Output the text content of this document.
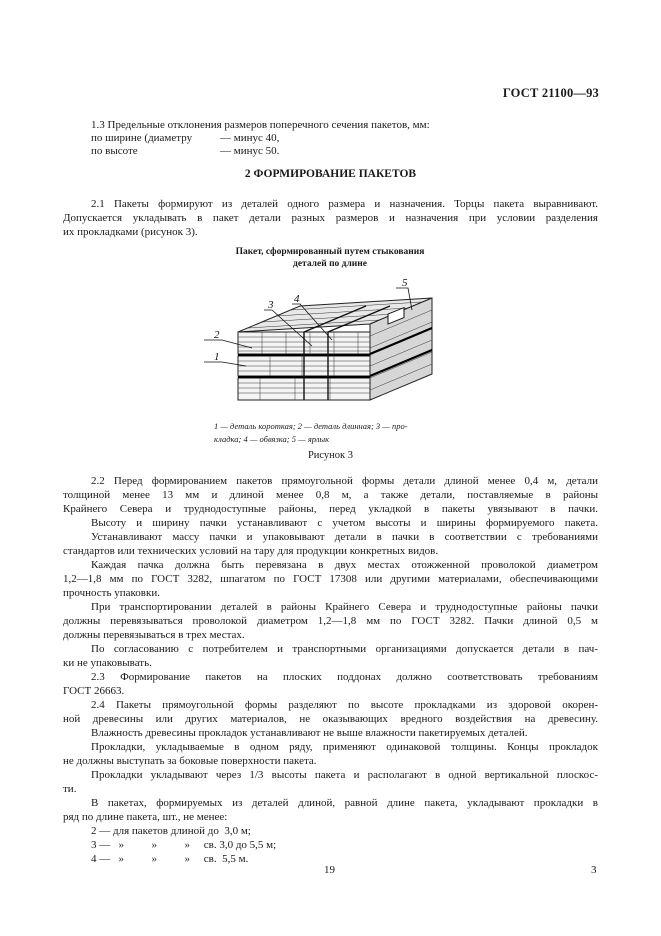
ГОСТ 21100—93
1.3 Предельные отклонения размеров поперечного сечения пакетов, мм:
по ширине (диаметру	— минус 40,
по высоте	— минус 50.
2 ФОРМИРОВАНИЕ ПАКЕТОВ
2.1 Пакеты формируют из деталей одного размера и назначения. Торцы пакета выравнивают.
Допускается укладывать в пакет детали разных размеров и назначения при условии разделения
их прокладками (рисунок 3).
Пакет, сформированный путем стыкования
деталей по длине
2
1
3 4
5
1 — деталь короткая; 2 — деталь длинная; 3 — про-
кладка; 4 — обвязка; 5 — ярлык
Рисунок 3
2.2 Перед формированием пакетов прямоугольной формы детали длиной менее 0,4 м, детали
толщиной менее 13 мм и длиной менее 0,8 м, а также детали, поставляемые в районы
Крайнего Севера и труднодоступные районы, перед укладкой в пакеты увязывают в пачки.
Высоту и ширину пачки устанавливают с учетом высоты и ширины формируемого пакета.
Устанавливают массу пачки и упаковывают детали в пачки в соответствии с требованиями
стандартов или технических условий на тару для продукции конкретных видов.
Каждая пачка должна быть перевязана в двух местах отожженной проволокой диаметром
1,2—1,8 мм по ГОСТ 3282, шпагатом по ГОСТ 17308 или другими материалами, обеспечивающими
прочность упаковки.
При транспортировании деталей в районы Крайнего Севера и труднодоступные районы пачки
должны перевязываться проволокой диаметром 1,2—1,8 мм по ГОСТ 3282. Пачки длиной 0,5 м
должны перевязываться в трех местах.
По согласованию с потребителем и транспортными организациями допускается детали в пач-
ки не упаковывать.
2.3 Формирование пакетов на плоских поддонах должно соответствовать требованиям
ГОСТ 26663.
2.4 Пакеты прямоугольной формы разделяют по высоте прокладками из здоровой окорен-
ной древесины или других материалов, не оказывающих вредного воздействия на древесину.
Влажность древесины прокладок устанавливают не выше влажности пакетируемых деталей.
Прокладки, укладываемые в одном ряду, применяют одинаковой толщины. Концы прокладок
не должны выступать за боковые поверхности пакета.
Прокладки укладывают через 1/3 высоты пакета и располагают в одной вертикальной плоскос-
ти.
В пакетах, формируемых из деталей длиной, равной длине пакета, укладывают прокладки в
ряд по длине пакета, шт., не менее:
2 — для пакетов длиной до  3,0 м;
3 —   »          »          »     св. 3,0 до 5,5 м;
4 —   »          »          »     св.  5,5 м.
19	3
